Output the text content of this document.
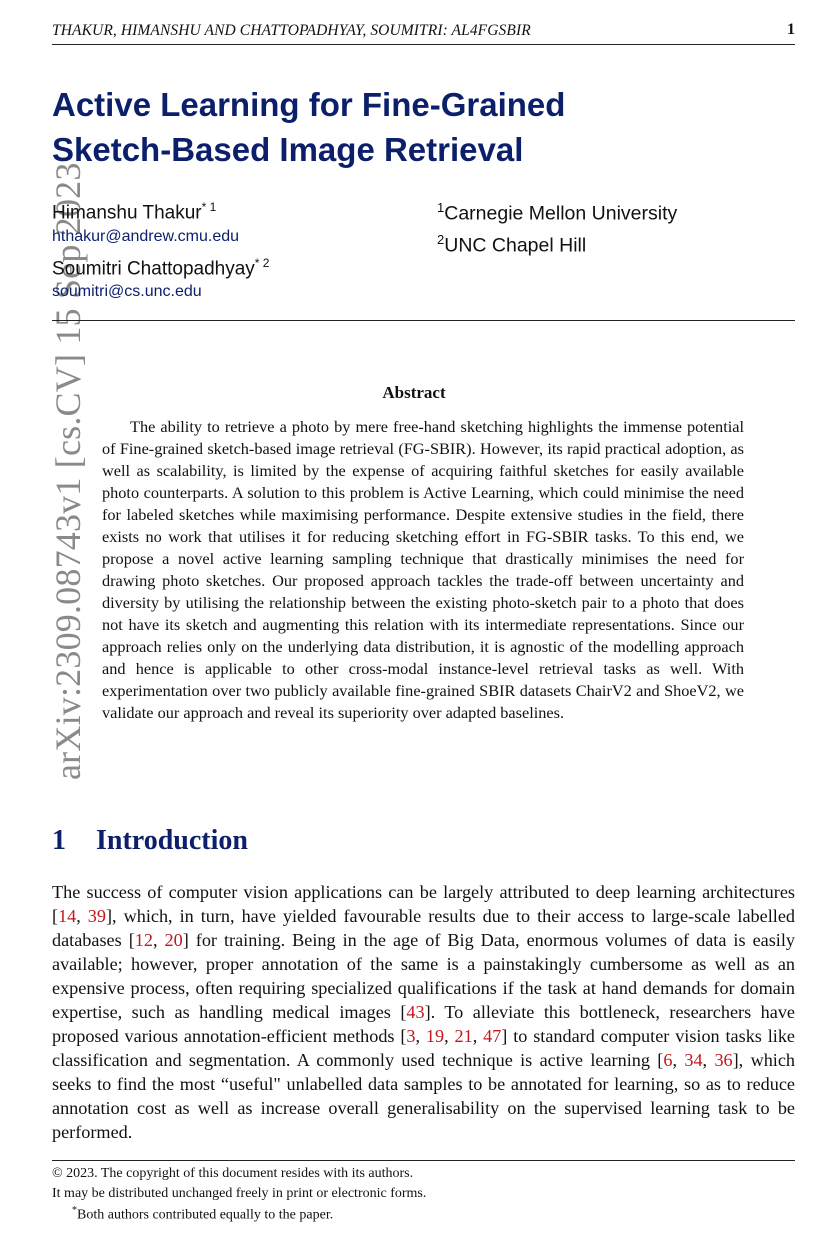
THAKUR, HIMANSHU AND CHATTOPADHYAY, SOUMITRI: AL4FGSBIR	1
arXiv:2309.08743v1 [cs.CV] 15 Sep 2023
Active Learning for Fine-Grained
Sketch-Based Image Retrieval
Himanshu Thakur$^{* 1}$
hthakur@andrew.cmu.edu
Soumitri Chattopadhyay$^{* 2}$
soumitri@cs.unc.edu
$^1$Carnegie Mellon University
$^2$UNC Chapel Hill
Abstract
The ability to retrieve a photo by mere free-hand sketching highlights the immense potential of Fine-grained sketch-based image retrieval (FG-SBIR). However, its rapid practical adoption, as well as scalability, is limited by the expense of acquiring faithful sketches for easily available photo counterparts. A solution to this problem is Active Learning, which could minimise the need for labeled sketches while maximising performance. Despite extensive studies in the field, there exists no work that utilises it for reducing sketching effort in FG-SBIR tasks. To this end, we propose a novel active learning sampling technique that drastically minimises the need for drawing photo sketches. Our proposed approach tackles the trade-off between uncertainty and diversity by utilising the relationship between the existing photo-sketch pair to a photo that does not have its sketch and augmenting this relation with its intermediate representations. Since our approach relies only on the underlying data distribution, it is agnostic of the modelling approach and hence is applicable to other cross-modal instance-level retrieval tasks as well. With experimentation over two publicly available fine-grained SBIR datasets ChairV2 and ShoeV2, we validate our approach and reveal its superiority over adapted baselines.
1 Introduction
The success of computer vision applications can be largely attributed to deep learning architectures [14, 39], which, in turn, have yielded favourable results due to their access to large-scale labelled databases [12, 20] for training. Being in the age of Big Data, enormous volumes of data is easily available; however, proper annotation of the same is a painstakingly cumbersome as well as an expensive process, often requiring specialized qualifications if the task at hand demands for domain expertise, such as handling medical images [43]. To alleviate this bottleneck, researchers have proposed various annotation-efficient methods [3, 19, 21, 47] to standard computer vision tasks like classification and segmentation. A commonly used technique is active learning [6, 34, 36], which seeks to find the most “useful" unlabelled data samples to be annotated for learning, so as to reduce annotation cost as well as increase overall generalisability on the supervised learning task to be performed.
© 2023. The copyright of this document resides with its authors.
It may be distributed unchanged freely in print or electronic forms.
*Both authors contributed equally to the paper.
